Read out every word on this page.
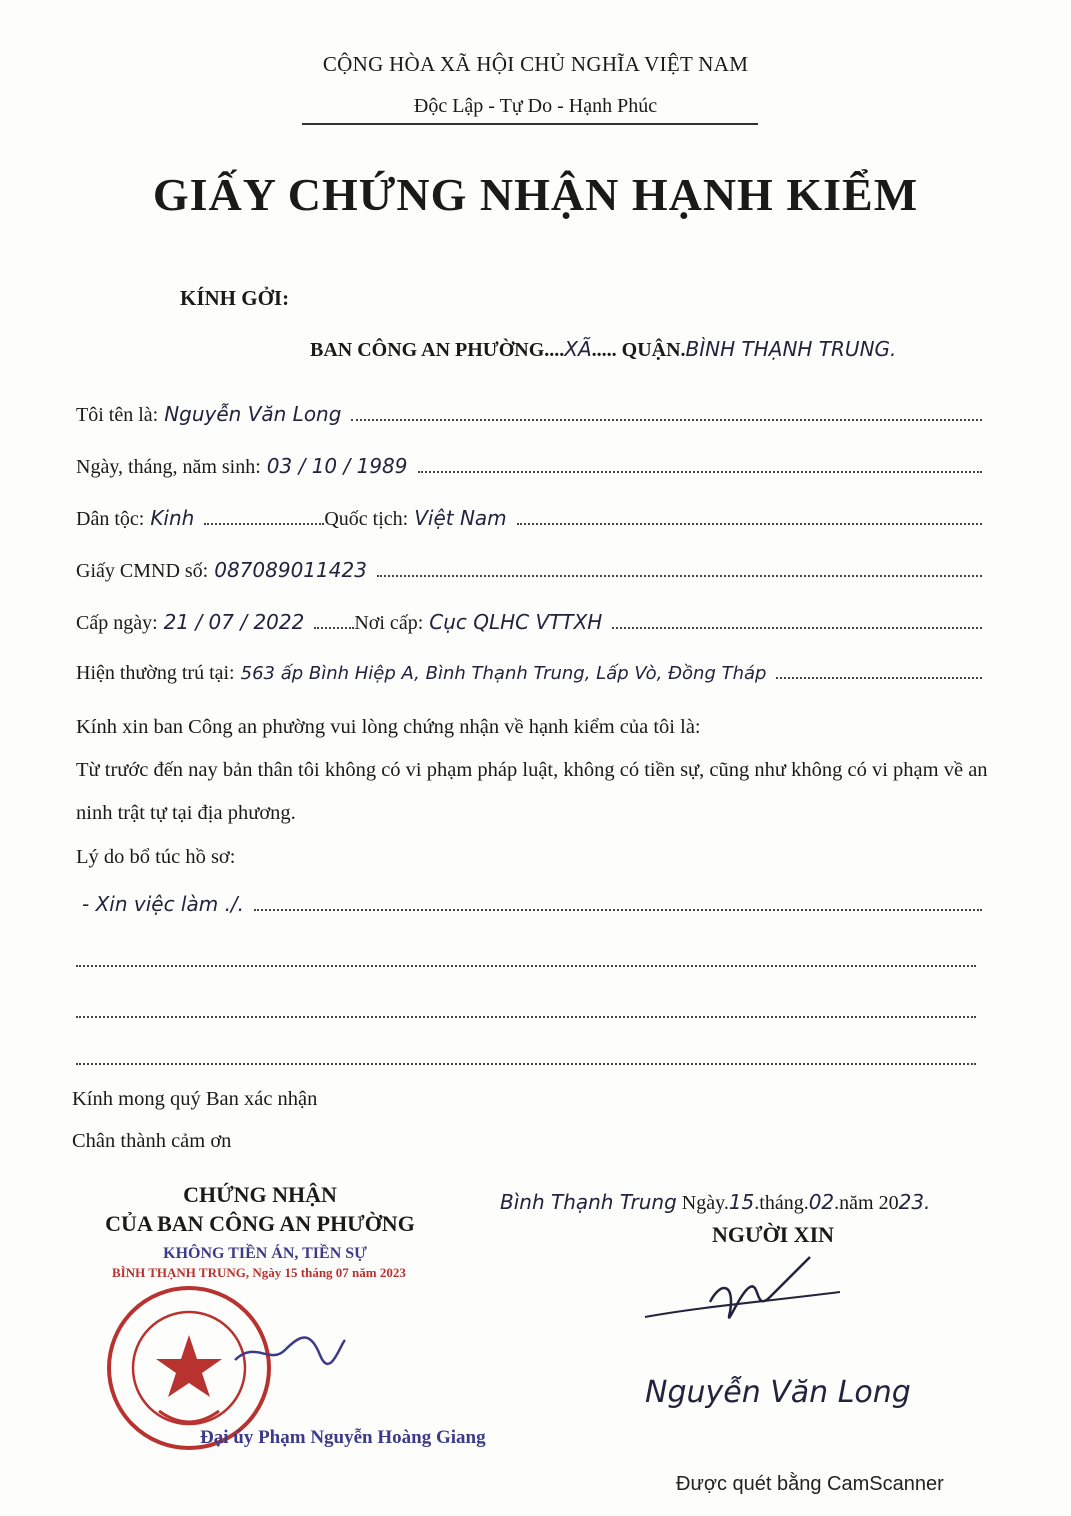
CỘNG HÒA XÃ HỘI CHỦ NGHĨA VIỆT NAM
Độc Lập - Tự Do - Hạnh Phúc
GIẤY CHỨNG NHẬN HẠNH KIỂM
KÍNH GỞI:
BAN CÔNG AN PHƯỜNG....XÃ..... QUẬN.BÌNH THẠNH TRUNG.
Tôi tên là: Nguyễn Văn Long
Ngày, tháng, năm sinh: 03 / 10 / 1989
Dân tộc: Kinh	Quốc tịch: Việt Nam
Giấy CMND số: 087089011423
Cấp ngày: 21 / 07 / 2022	Nơi cấp: Cục QLHC VTTXH
Hiện thường trú tại: 563 ấp Bình Hiệp A, Bình Thạnh Trung, Lấp Vò, Đồng Tháp
Kính xin ban Công an phường vui lòng chứng nhận về hạnh kiểm của tôi là:
Từ trước đến nay bản thân tôi không có vi phạm pháp luật, không có tiền sự, cũng như không có vi phạm về an ninh trật tự tại địa phương.
Lý do bổ túc hồ sơ:
- Xin việc làm ./.
Kính mong quý Ban xác nhận
Chân thành cảm ơn
CHỨNG NHẬN
CỦA BAN CÔNG AN PHƯỜNG
KHÔNG TIỀN ÁN, TIỀN SỰ
BÌNH THẠNH TRUNG, Ngày 15 tháng 07 năm 2023
Đại úy Phạm Nguyễn Hoàng Giang
Bình Thạnh Trung Ngày.15.tháng.02.năm 2023.
NGƯỜI XIN
Nguyễn Văn Long
Được quét bằng CamScanner
